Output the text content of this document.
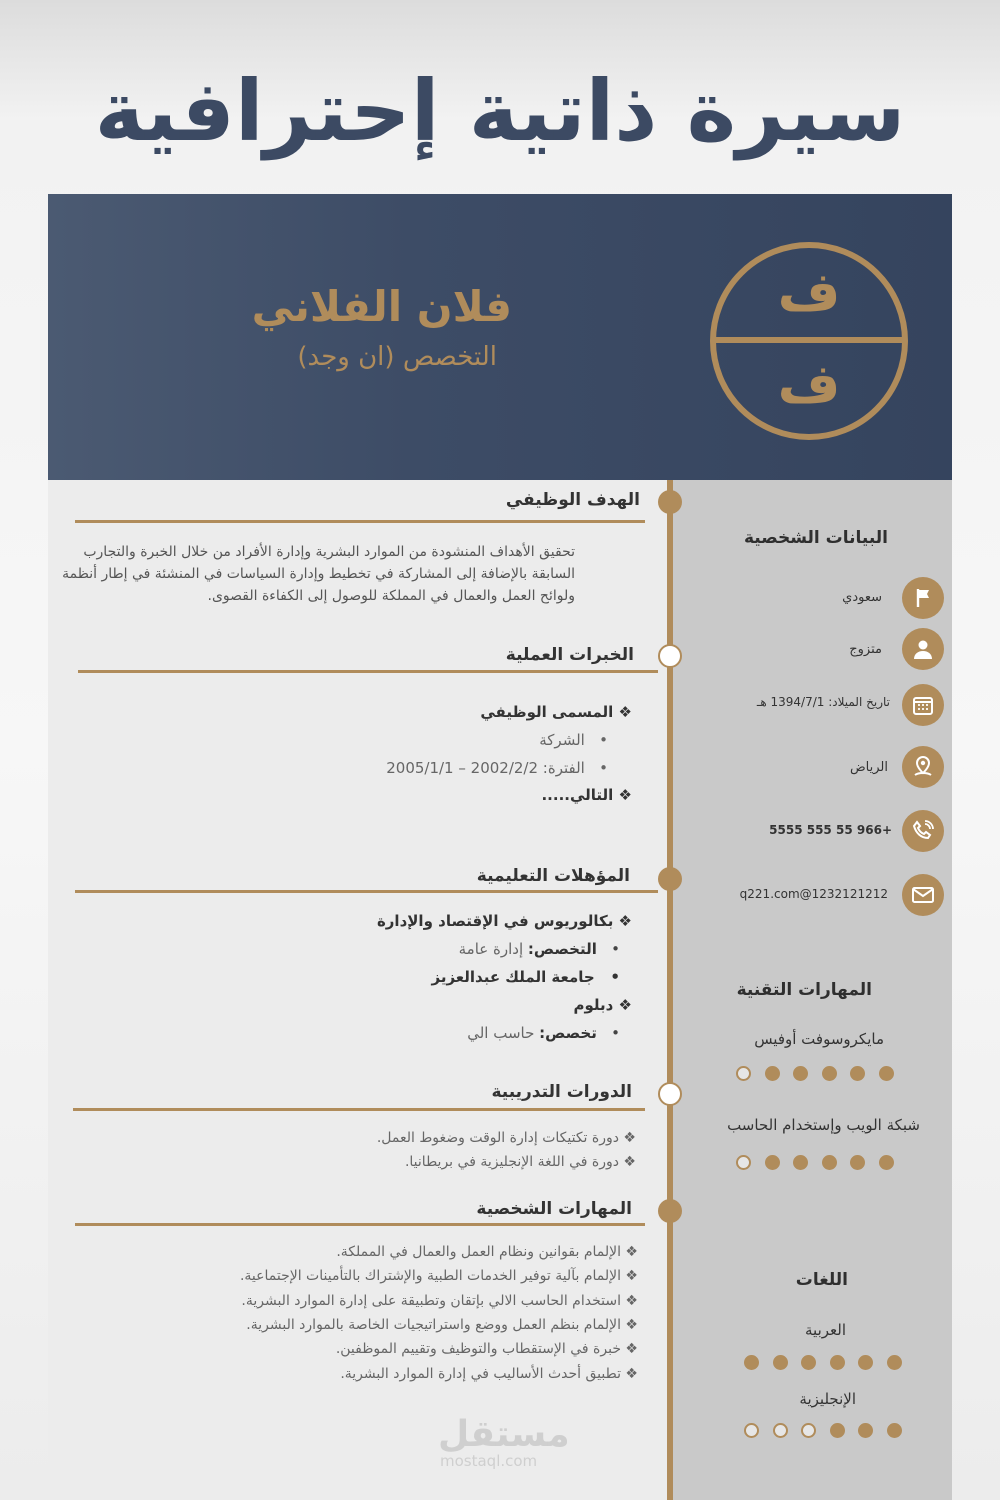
سيرة ذاتية إحترافية
ف
ف
فلان الفلاني
التخصص (ان وجد)
الهدف الوظيفي
تحقيق الأهداف المنشودة من الموارد البشرية وإدارة الأفراد من خلال الخبرة والتجارب السابقة بالإضافة إلى المشاركة في تخطيط وإدارة السياسات في المنشئة في إطار أنظمة ولوائح العمل والعمال في المملكة للوصول إلى الكفاءة القصوى.
الخبرات العملية
❖ المسمى الوظيفي
•   الشركة
•   الفترة: 2002/2/2 – 2005/1/1
❖ التالي.....
المؤهلات التعليمية
❖ بكالوريوس في الإقتصاد والإدارة
•   التخصص: إدارة عامة
•   جامعة الملك عبدالعزيز
❖ دبلوم
•   تخصص: حاسب الي
الدورات التدريبية
❖ دورة تكتيكات إدارة الوقت وضغوط العمل.
❖ دورة في اللغة الإنجليزية في بريطانيا.
المهارات الشخصية
❖ الإلمام بقوانين ونظام العمل والعمال في المملكة.
❖ الإلمام بآلية توفير الخدمات الطبية والإشتراك بالتأمينات الإجتماعية.
❖ استخدام الحاسب الالي بإتقان وتطبيقة على إدارة الموارد البشرية.
❖ الإلمام بنظم العمل ووضع واستراتيجيات الخاصة بالموارد البشرية.
❖ خبرة في الإستقطاب والتوظيف وتقييم الموظفين.
❖ تطبيق أحدث الأساليب في إدارة الموارد البشرية.
البيانات الشخصية
سعودي
متزوج
تاريخ الميلاد: 1394/7/1 هـ
الرياض
+966 55 555 5555
1232121212@q221.com
المهارات التقنية
مايكروسوفت أوفيس
شبكة الويب وإستخدام الحاسب
اللغات
العربية
الإنجليزية
مستقل
mostaql.com
